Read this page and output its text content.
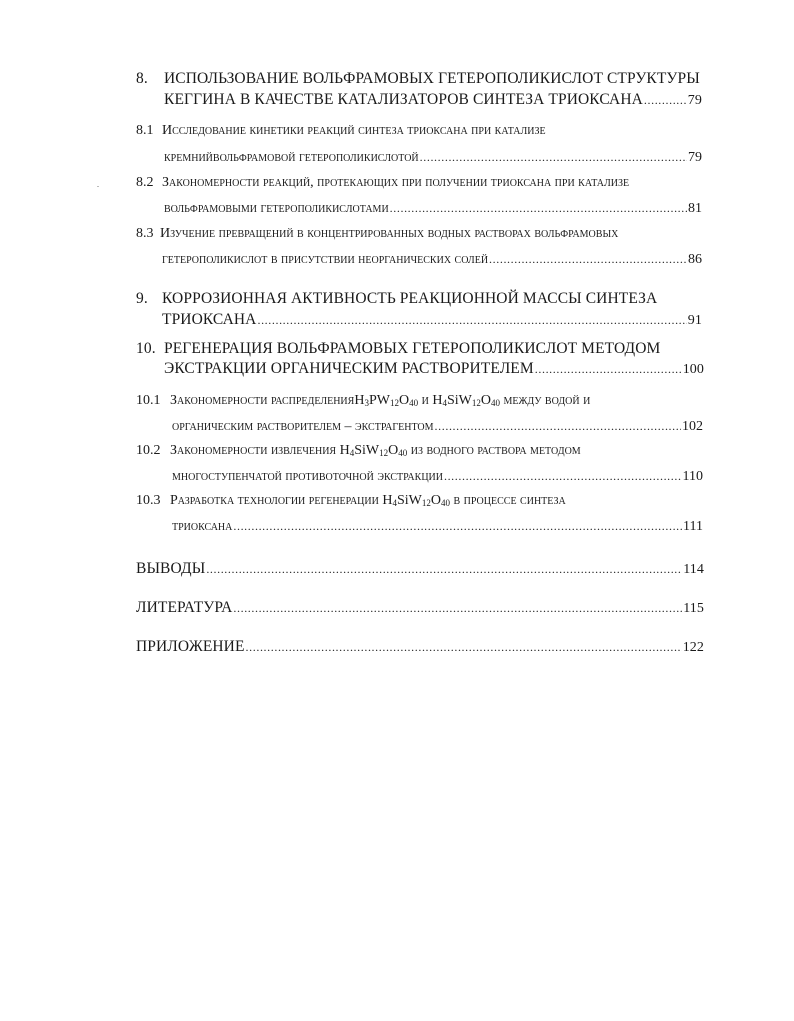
8. ИСПОЛЬЗОВАНИЕ ВОЛЬФРАМОВЫХ ГЕТЕРОПОЛИКИСЛОТ СТРУКТУРЫ
КЕГГИНА В КАЧЕСТВЕ КАТАЛИЗАТОРОВ СИНТЕЗА ТРИОКСАНА .....	79
8.1 Исследование кинетики реакций синтеза триоксана при катализе
кремнийвольфрамовой гетерополикислотой .....	79
8.2 Закономерности реакций, протекающих при получении триоксана при катализе
вольфрамовыми гетерополикислотами .....	81
8.3 Изучение превращений в концентрированных водных растворах вольфрамовых
гетерополикислот в присутствии неорганических солей .....	86
9. КОРРОЗИОННАЯ АКТИВНОСТЬ РЕАКЦИОННОЙ МАССЫ СИНТЕЗА
ТРИОКСАНА .....	91
10. РЕГЕНЕРАЦИЯ ВОЛЬФРАМОВЫХ ГЕТЕРОПОЛИКИСЛОТ МЕТОДОМ
ЭКСТРАКЦИИ ОРГАНИЧЕСКИМ РАСТВОРИТЕЛЕМ .....	100
10.1 Закономерности распределения $H_3PW_{12}O_{40}$ и $H_4SiW_{12}O_{40}$ между водой и
органическим растворителем – экстрагентом .....	102
10.2 Закономерности извлечения $H_4SiW_{12}O_{40}$ из водного раствора методом
многоступенчатой противоточной экстракции .....	110
10.3 Разработка технологии регенерации $H_4SiW_{12}O_{40}$ в процессе синтеза
триоксана .....	111
ВЫВОДЫ .....	114
ЛИТЕРАТУРА .....	115
ПРИЛОЖЕНИЕ .....	122
